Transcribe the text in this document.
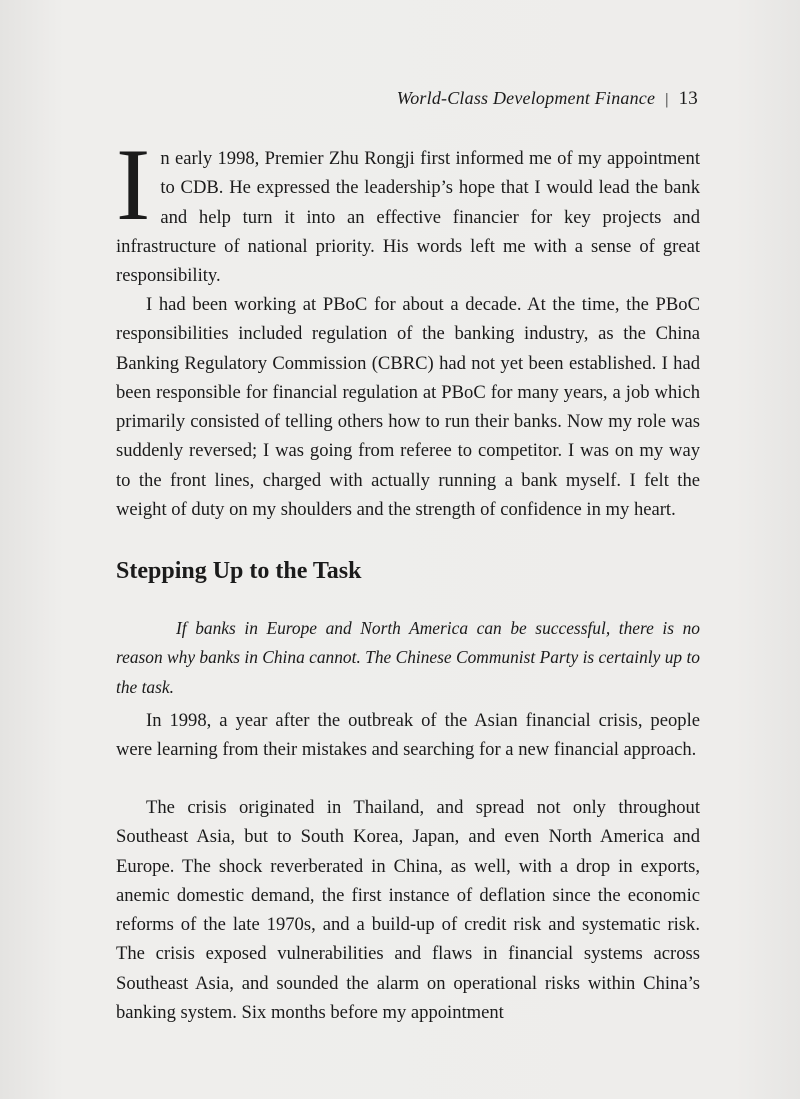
World-Class Development Finance | 13

In early 1998, Premier Zhu Rongji first informed me of my appointment to CDB. He expressed the leadership’s hope that I would lead the bank and help turn it into an effective financier for key projects and infrastructure of national priority. His words left me with a sense of great responsibility.

I had been working at PBoC for about a decade. At the time, the PBoC responsibilities included regulation of the banking industry, as the China Banking Regulatory Commission (CBRC) had not yet been established. I had been responsible for financial regulation at PBoC for many years, a job which primarily consisted of telling others how to run their banks. Now my role was suddenly reversed; I was going from referee to competitor. I was on my way to the front lines, charged with actually running a bank myself. I felt the weight of duty on my shoulders and the strength of confidence in my heart.

Stepping Up to the Task

If banks in Europe and North America can be successful, there is no reason why banks in China cannot. The Chinese Communist Party is certainly up to the task.

In 1998, a year after the outbreak of the Asian financial crisis, people were learning from their mistakes and searching for a new financial approach.

The crisis originated in Thailand, and spread not only throughout Southeast Asia, but to South Korea, Japan, and even North America and Europe. The shock reverberated in China, as well, with a drop in exports, anemic domestic demand, the first instance of deflation since the economic reforms of the late 1970s, and a build-up of credit risk and systematic risk. The crisis exposed vulnerabilities and flaws in financial systems across Southeast Asia, and sounded the alarm on operational risks within China’s banking system. Six months before my appointment
